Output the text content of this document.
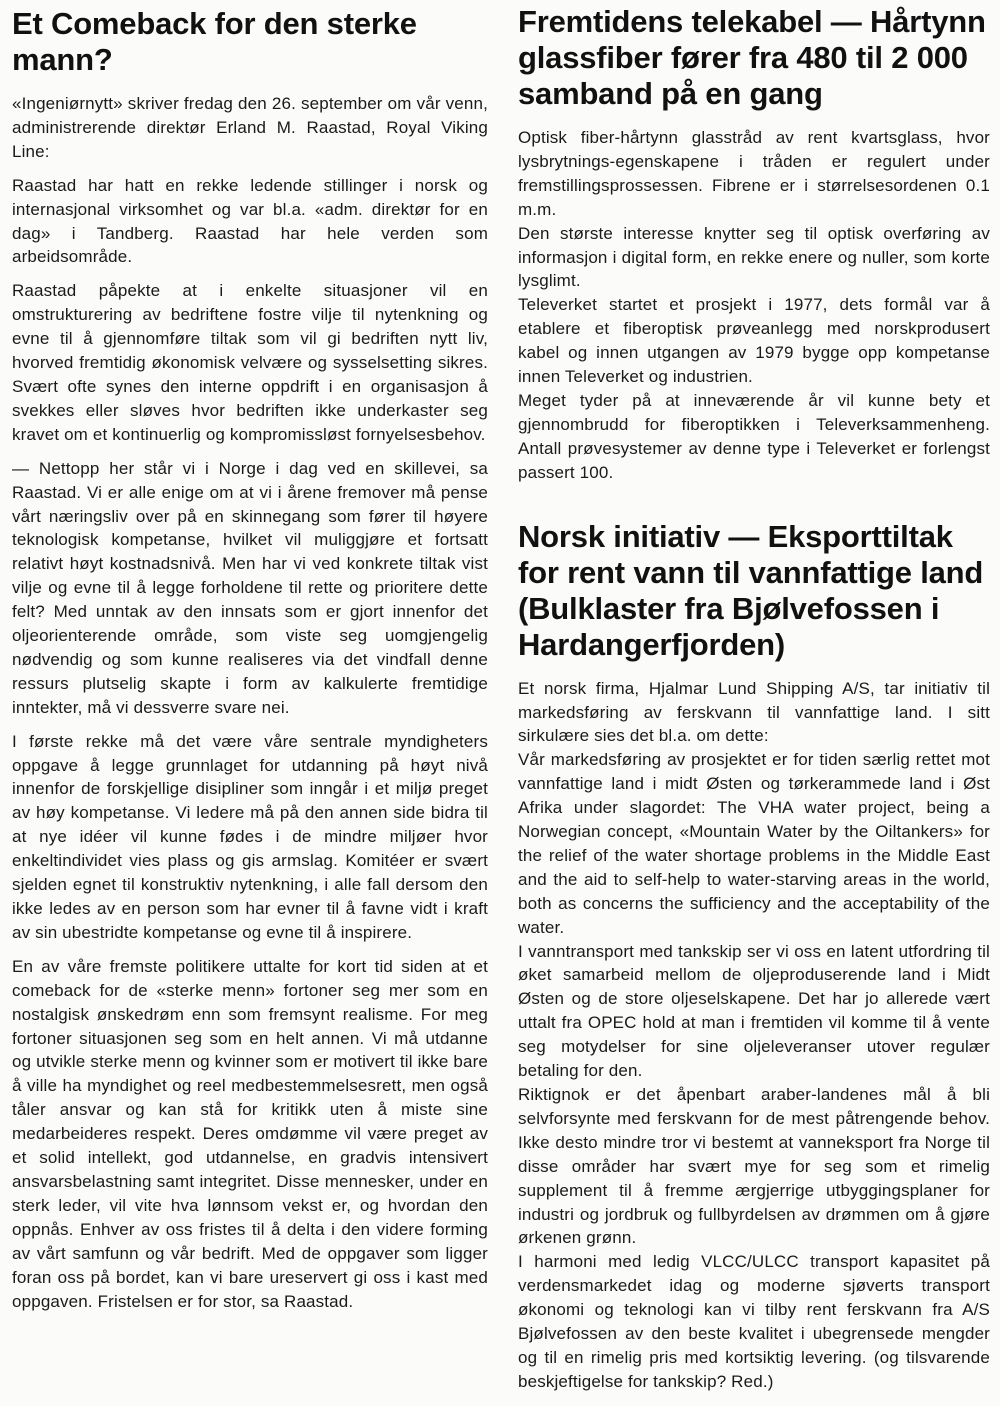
Et Comeback for den sterke mann?

«Ingeniørnytt» skriver fredag den 26. september om vår venn, administrerende direktør Erland M. Raastad, Royal Viking Line:

Raastad har hatt en rekke ledende stillinger i norsk og internasjonal virksomhet og var bl.a. «adm. direktør for en dag» i Tandberg. Raastad har hele verden som arbeidsområde.

Raastad påpekte at i enkelte situasjoner vil en omstrukturering av bedriftene fostre vilje til nytenkning og evne til å gjennomføre tiltak som vil gi bedriften nytt liv, hvorved fremtidig økonomisk velvære og sysselsetting sikres. Svært ofte synes den interne oppdrift i en organisasjon å svekkes eller sløves hvor bedriften ikke underkaster seg kravet om et kontinuerlig og kompromissløst fornyelsesbehov.

— Nettopp her står vi i Norge i dag ved en skillevei, sa Raastad. Vi er alle enige om at vi i årene fremover må pense vårt næringsliv over på en skinnegang som fører til høyere teknologisk kompetanse, hvilket vil muliggjøre et fortsatt relativt høyt kostnadsnivå. Men har vi ved konkrete tiltak vist vilje og evne til å legge forholdene til rette og prioritere dette felt? Med unntak av den innsats som er gjort innenfor det oljeorienterende område, som viste seg uomgjengelig nødvendig og som kunne realiseres via det vindfall denne ressurs plutselig skapte i form av kalkulerte fremtidige inntekter, må vi dessverre svare nei.

I første rekke må det være våre sentrale myndigheters oppgave å legge grunnlaget for utdanning på høyt nivå innenfor de forskjellige disipliner som inngår i et miljø preget av høy kompetanse. Vi ledere må på den annen side bidra til at nye idéer vil kunne fødes i de mindre miljøer hvor enkeltindividet vies plass og gis armslag. Komitéer er svært sjelden egnet til konstruktiv nytenkning, i alle fall dersom den ikke ledes av en person som har evner til å favne vidt i kraft av sin ubestridte kompetanse og evne til å inspirere.

En av våre fremste politikere uttalte for kort tid siden at et comeback for de «sterke menn» fortoner seg mer som en nostalgisk ønskedrøm enn som fremsynt realisme. For meg fortoner situasjonen seg som en helt annen. Vi må utdanne og utvikle sterke menn og kvinner som er motivert til ikke bare å ville ha myndighet og reel medbestemmelsesrett, men også tåler ansvar og kan stå for kritikk uten å miste sine medarbeideres respekt. Deres omdømme vil være preget av et solid intellekt, god utdannelse, en gradvis intensivert ansvarsbelastning samt integritet. Disse mennesker, under en sterk leder, vil vite hva lønnsom vekst er, og hvordan den oppnås. Enhver av oss fristes til å delta i den videre forming av vårt samfunn og vår bedrift. Med de oppgaver som ligger foran oss på bordet, kan vi bare ureservert gi oss i kast med oppgaven. Fristelsen er for stor, sa Raastad.

Fremtidens telekabel — Hårtynn glassfiber fører fra 480 til 2 000 samband på en gang

Optisk fiber-hårtynn glasstråd av rent kvartsglass, hvor lysbrytnings-egenskapene i tråden er regulert under fremstillingsprossessen. Fibrene er i størrelsesordenen 0.1 m.m.

Den største interesse knytter seg til optisk overføring av informasjon i digital form, en rekke enere og nuller, som korte lysglimt.

Televerket startet et prosjekt i 1977, dets formål var å etablere et fiberoptisk prøveanlegg med norskprodusert kabel og innen utgangen av 1979 bygge opp kompetanse innen Televerket og industrien.

Meget tyder på at inneværende år vil kunne bety et gjennombrudd for fiberoptikken i Televerksammenheng. Antall prøvesystemer av denne type i Televerket er forlengst passert 100.

Norsk initiativ — Eksporttiltak for rent vann til vannfattige land (Bulklaster fra Bjølvefossen i Hardangerfjorden)

Et norsk firma, Hjalmar Lund Shipping A/S, tar initiativ til markedsføring av ferskvann til vannfattige land. I sitt sirkulære sies det bl.a. om dette:

Vår markedsføring av prosjektet er for tiden særlig rettet mot vannfattige land i midt Østen og tørkerammede land i Øst Afrika under slagordet: The VHA water project, being a Norwegian concept, «Mountain Water by the Oiltankers» for the relief of the water shortage problems in the Middle East and the aid to self-help to water-starving areas in the world, both as concerns the sufficiency and the acceptability of the water.

I vanntransport med tankskip ser vi oss en latent utfordring til øket samarbeid mellom de oljeproduserende land i Midt Østen og de store oljeselskapene. Det har jo allerede vært uttalt fra OPEC hold at man i fremtiden vil komme til å vente seg motydelser for sine oljeleveranser utover regulær betaling for den.

Riktignok er det åpenbart araber-landenes mål å bli selvforsynte med ferskvann for de mest påtrengende behov. Ikke desto mindre tror vi bestemt at vanneksport fra Norge til disse områder har svært mye for seg som et rimelig supplement til å fremme ærgjerrige utbyggingsplaner for industri og jordbruk og fullbyrdelsen av drømmen om å gjøre ørkenen grønn.

I harmoni med ledig VLCC/ULCC transport kapasitet på verdensmarkedet idag og moderne sjøverts transport økonomi og teknologi kan vi tilby rent ferskvann fra A/S Bjølvefossen av den beste kvalitet i ubegrensede mengder og til en rimelig pris med kortsiktig levering. (og tilsvarende beskjeftigelse for tankskip? Red.)
